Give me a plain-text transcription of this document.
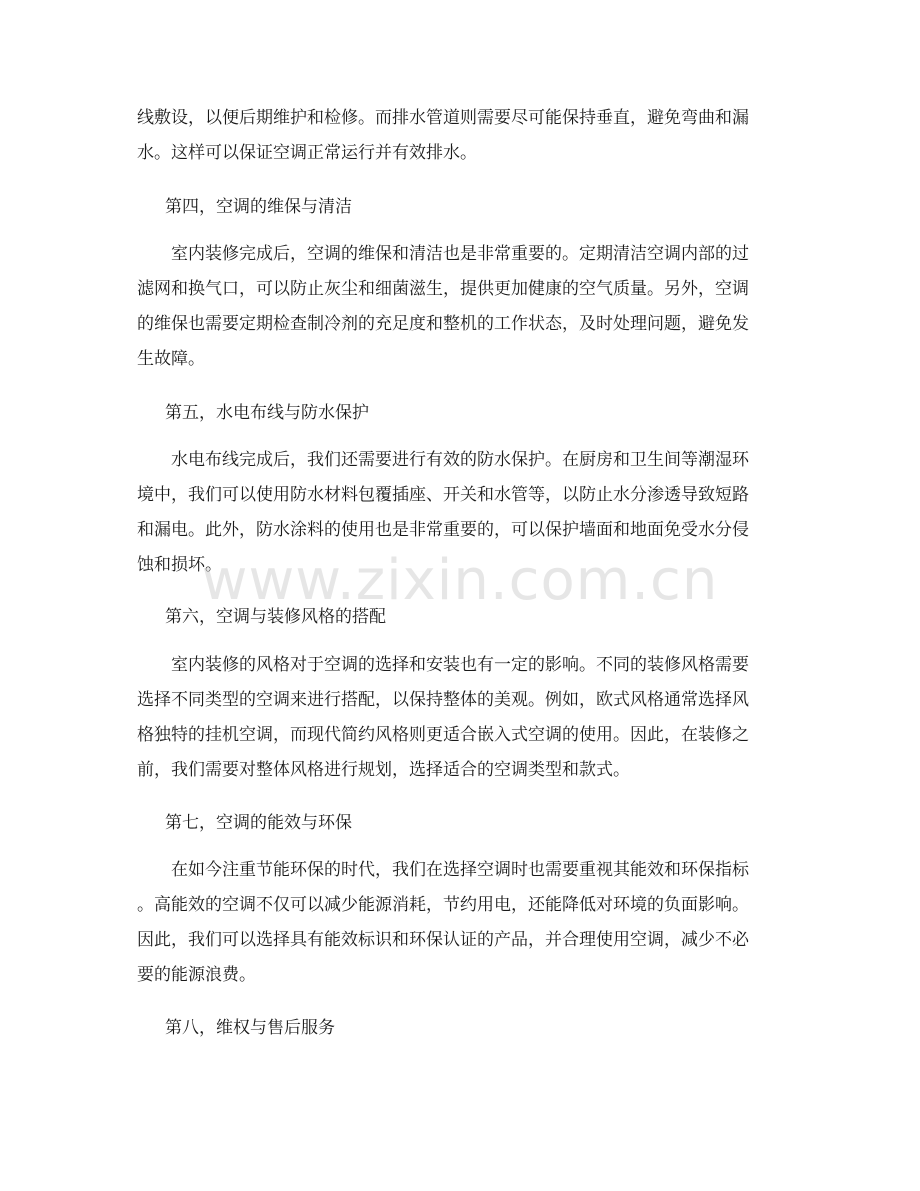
线敷设，以便后期维护和检修。而排水管道则需要尽可能保持垂直，避免弯曲和漏
水。这样可以保证空调正常运行并有效排水。
第四，空调的维保与清洁
　　室内装修完成后，空调的维保和清洁也是非常重要的。定期清洁空调内部的过
滤网和换气口，可以防止灰尘和细菌滋生，提供更加健康的空气质量。另外，空调
的维保也需要定期检查制冷剂的充足度和整机的工作状态，及时处理问题，避免发
生故障。
第五，水电布线与防水保护
　　水电布线完成后，我们还需要进行有效的防水保护。在厨房和卫生间等潮湿环
境中，我们可以使用防水材料包覆插座、开关和水管等，以防止水分渗透导致短路
和漏电。此外，防水涂料的使用也是非常重要的，可以保护墙面和地面免受水分侵
蚀和损坏。
第六，空调与装修风格的搭配
　　室内装修的风格对于空调的选择和安装也有一定的影响。不同的装修风格需要
选择不同类型的空调来进行搭配，以保持整体的美观。例如，欧式风格通常选择风
格独特的挂机空调，而现代简约风格则更适合嵌入式空调的使用。因此，在装修之
前，我们需要对整体风格进行规划，选择适合的空调类型和款式。
第七，空调的能效与环保
　　在如今注重节能环保的时代，我们在选择空调时也需要重视其能效和环保指标
。高能效的空调不仅可以减少能源消耗，节约用电，还能降低对环境的负面影响。
因此，我们可以选择具有能效标识和环保认证的产品，并合理使用空调，减少不必
要的能源浪费。
第八，维权与售后服务
www.zixin.com.cn
